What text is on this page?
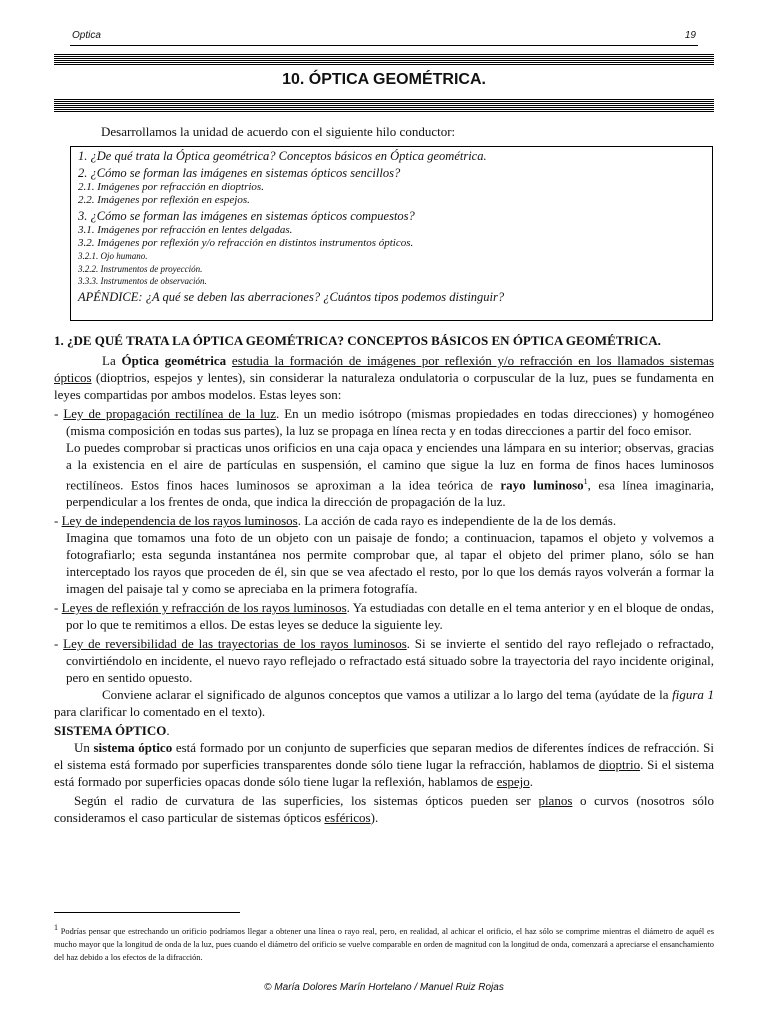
Optica	19
10. ÓPTICA GEOMÉTRICA.
Desarrollamos la unidad de acuerdo con el siguiente hilo conductor:
1. ¿De qué trata la Óptica geométrica? Conceptos básicos en Óptica geométrica.
2. ¿Cómo se forman las imágenes en sistemas ópticos sencillos?
2.1. Imágenes por refracción en dioptrios.
2.2. Imágenes por reflexión en espejos.
3. ¿Cómo se forman las imágenes en sistemas ópticos compuestos?
3.1. Imágenes por refracción en lentes delgadas.
3.2. Imágenes por reflexión y/o refracción en distintos instrumentos ópticos.
3.2.1. Ojo humano.
3.2.2. Instrumentos de proyección.
3.3.3. Instrumentos de observación.
APÉNDICE: ¿A qué se deben las aberraciones? ¿Cuántos tipos podemos distinguir?

1. ¿DE QUÉ TRATA LA ÓPTICA GEOMÉTRICA? CONCEPTOS BÁSICOS EN ÓPTICA GEOMÉTRICA.

La Óptica geométrica estudia la formación de imágenes por reflexión y/o refracción en los llamados sistemas ópticos (dioptrios, espejos y lentes), sin considerar la naturaleza ondulatoria o corpuscular de la luz, pues se fundamenta en leyes compartidas por ambos modelos. Estas leyes son:

- Ley de propagación rectilínea de la luz. En un medio isótropo (mismas propiedades en todas direcciones) y homogéneo (misma composición en todas sus partes), la luz se propaga en línea recta y en todas direcciones a partir del foco emisor.

Lo puedes comprobar si practicas unos orificios en una caja opaca y enciendes una lámpara en su interior; observas, gracias a la existencia en el aire de partículas en suspensión, el camino que sigue la luz en forma de finos haces luminosos rectilíneos. Estos finos haces luminosos se aproximan a la idea teórica de rayo luminoso$^1$, esa línea imaginaria, perpendicular a los frentes de onda, que indica la dirección de propagación de la luz.

- Ley de independencia de los rayos luminosos. La acción de cada rayo es independiente de la de los demás.

Imagina que tomamos una foto de un objeto con un paisaje de fondo; a continuacion, tapamos el objeto y volvemos a fotografiarlo; esta segunda instantánea nos permite comprobar que, al tapar el objeto del primer plano, sólo se han interceptado los rayos que proceden de él, sin que se vea afectado el resto, por lo que los demás rayos volverán a formar la imagen del paisaje tal y como se apreciaba en la primera fotografía.

- Leyes de reflexión y refracción de los rayos luminosos. Ya estudiadas con detalle en el tema anterior y en el bloque de ondas, por lo que te remitimos a ellos. De estas leyes se deduce la siguiente ley.

- Ley de reversibilidad de las trayectorias de los rayos luminosos. Si se invierte el sentido del rayo reflejado o refractado, convirtiéndolo en incidente, el nuevo rayo reflejado o refractado está situado sobre la trayectoria del rayo incidente original, pero en sentido opuesto.

Conviene aclarar el significado de algunos conceptos que vamos a utilizar a lo largo del tema (ayúdate de la figura 1 para clarificar lo comentado en el texto).

SISTEMA ÓPTICO.

Un sistema óptico está formado por un conjunto de superficies que separan medios de diferentes índices de refracción. Si el sistema está formado por superficies transparentes donde sólo tiene lugar la refracción, hablamos de dioptrio. Si el sistema está formado por superficies opacas donde sólo tiene lugar la reflexión, hablamos de espejo.

Según el radio de curvatura de las superficies, los sistemas ópticos pueden ser planos o curvos (nosotros sólo consideramos el caso particular de sistemas ópticos esféricos).

$^1$ Podrías pensar que estrechando un orificio podríamos llegar a obtener una línea o rayo real, pero, en realidad, al achicar el orificio, el haz sólo se comprime mientras el diámetro de aquél es mucho mayor que la longitud de onda de la luz, pues cuando el diámetro del orificio se vuelve comparable en orden de magnitud con la longitud de onda, comenzará a apreciarse el ensanchamiento del haz debido a los efectos de la difracción.
© María Dolores Marín Hortelano / Manuel Ruiz Rojas
